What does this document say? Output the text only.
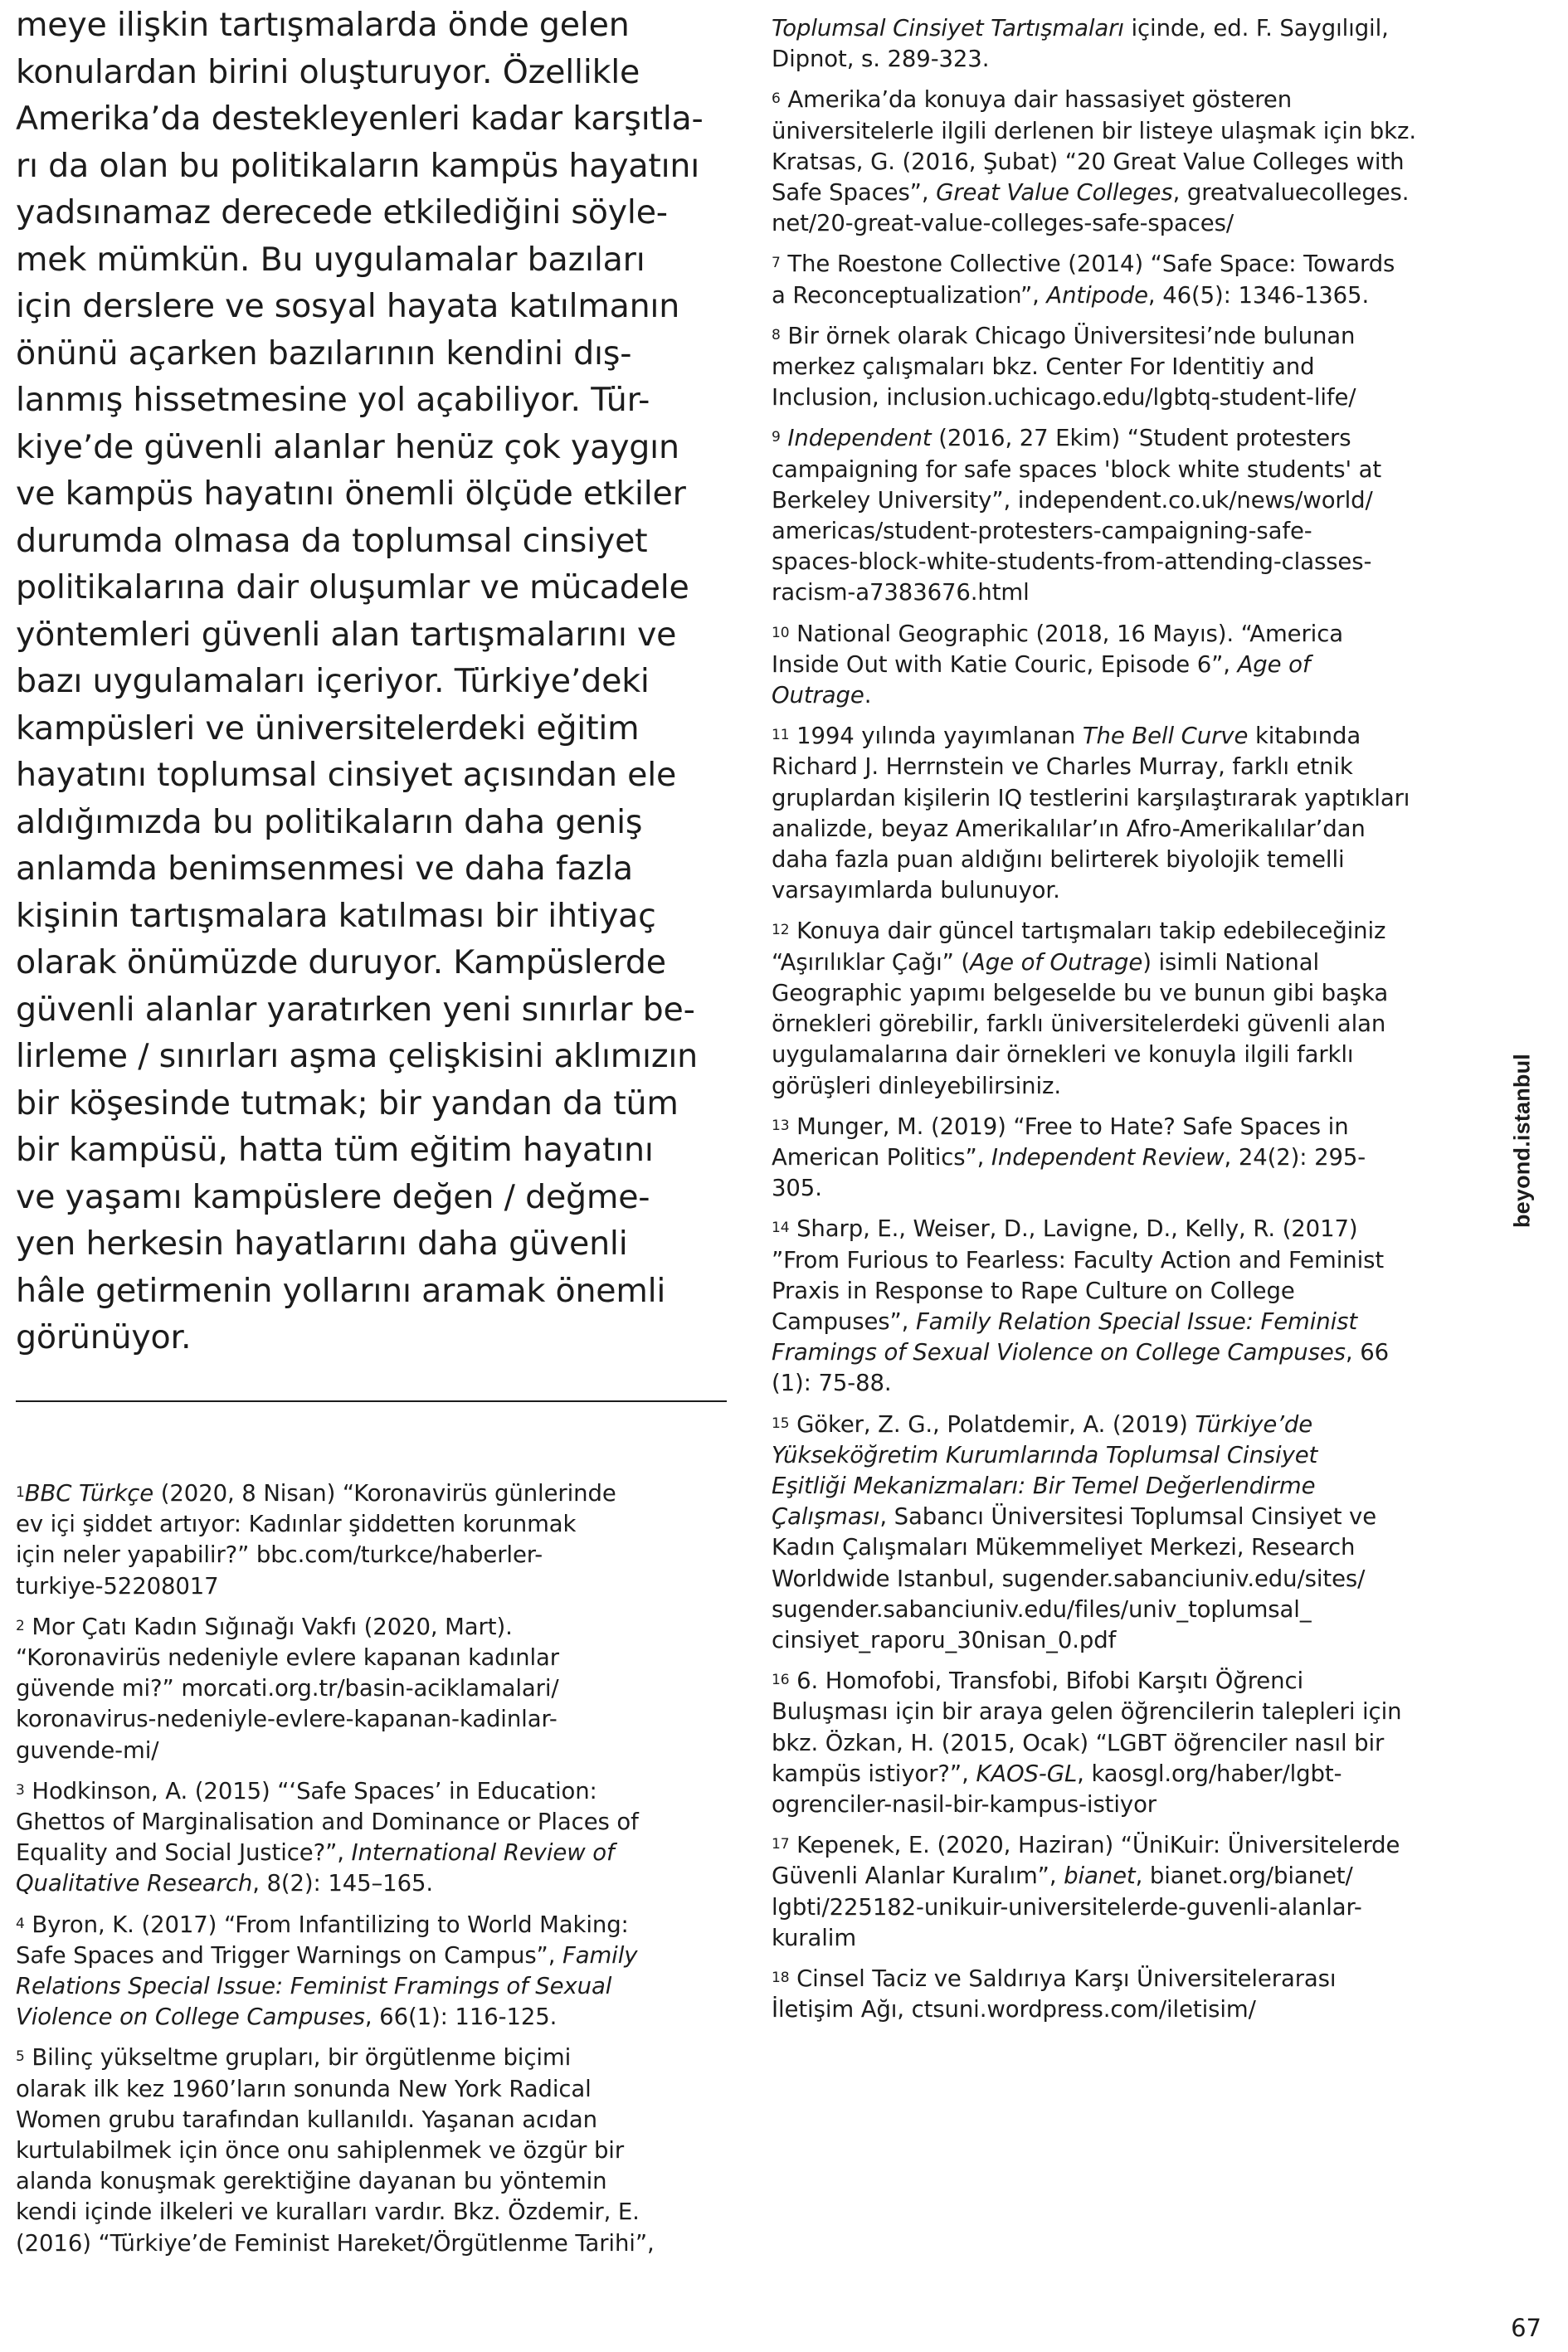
meye ilişkin tartışmalarda önde gelen
konulardan birini oluşturuyor. Özellikle
Amerika’da destekleyenleri kadar karşıtla-
rı da olan bu politikaların kampüs hayatını
yadsınamaz derecede etkilediğini söyle-
mek mümkün. Bu uygulamalar bazıları
için derslere ve sosyal hayata katılmanın
önünü açarken bazılarının kendini dış-
lanmış hissetmesine yol açabiliyor. Tür-
kiye’de güvenli alanlar henüz çok yaygın
ve kampüs hayatını önemli ölçüde etkiler
durumda olmasa da toplumsal cinsiyet
politikalarına dair oluşumlar ve mücadele
yöntemleri güvenli alan tartışmalarını ve
bazı uygulamaları içeriyor. Türkiye’deki
kampüsleri ve üniversitelerdeki eğitim
hayatını toplumsal cinsiyet açısından ele
aldığımızda bu politikaların daha geniş
anlamda benimsenmesi ve daha fazla
kişinin tartışmalara katılması bir ihtiyaç
olarak önümüzde duruyor. Kampüslerde
güvenli alanlar yaratırken yeni sınırlar be-
lirleme / sınırları aşma çelişkisini aklımızın
bir köşesinde tutmak; bir yandan da tüm
bir kampüsü, hatta tüm eğitim hayatını
ve yaşamı kampüslere değen / değme-
yen herkesin hayatlarını daha güvenli
hâle getirmenin yollarını aramak önemli
görünüyor.

$^1$BBC Türkçe (2020, 8 Nisan) “Koronavirüs günlerinde
ev içi şiddet artıyor: Kadınlar şiddetten korunmak
için neler yapabilir?” bbc.com/turkce/haberler-
turkiye-52208017

$^2$ Mor Çatı Kadın Sığınağı Vakfı (2020, Mart).
“Koronavirüs nedeniyle evlere kapanan kadınlar
güvende mi?” morcati.org.tr/basin-aciklamalari/
koronavirus-nedeniyle-evlere-kapanan-kadinlar-
guvende-mi/

$^3$ Hodkinson, A. (2015) “‘Safe Spaces’ in Education:
Ghettos of Marginalisation and Dominance or Places of
Equality and Social Justice?”, International Review of
Qualitative Research, 8(2): 145–165.

$^4$ Byron, K. (2017) “From Infantilizing to World Making:
Safe Spaces and Trigger Warnings on Campus”, Family
Relations Special Issue: Feminist Framings of Sexual
Violence on College Campuses, 66(1): 116-125.

$^5$ Bilinç yükseltme grupları, bir örgütlenme biçimi
olarak ilk kez 1960’ların sonunda New York Radical
Women grubu tarafından kullanıldı. Yaşanan acıdan
kurtulabilmek için önce onu sahiplenmek ve özgür bir
alanda konuşmak gerektiğine dayanan bu yöntemin
kendi içinde ilkeleri ve kuralları vardır. Bkz. Özdemir, E.
(2016) “Türkiye’de Feminist Hareket/Örgütlenme Tarihi”,

Toplumsal Cinsiyet Tartışmaları içinde, ed. F. Saygılıgil,
Dipnot, s. 289-323.

$^6$ Amerika’da konuya dair hassasiyet gösteren
üniversitelerle ilgili derlenen bir listeye ulaşmak için bkz.
Kratsas, G. (2016, Şubat) “20 Great Value Colleges with
Safe Spaces”, Great Value Colleges, greatvaluecolleges.
net/20-great-value-colleges-safe-spaces/

$^7$ The Roestone Collective (2014) “Safe Space: Towards
a Reconceptualization”, Antipode, 46(5): 1346-1365.

$^8$ Bir örnek olarak Chicago Üniversitesi’nde bulunan
merkez çalışmaları bkz. Center For Identitiy and
Inclusion, inclusion.uchicago.edu/lgbtq-student-life/

$^9$ Independent (2016, 27 Ekim) “Student protesters
campaigning for safe spaces 'block white students' at
Berkeley University”, independent.co.uk/news/world/
americas/student-protesters-campaigning-safe-
spaces-block-white-students-from-attending-classes-
racism-a7383676.html

$^{10}$ National Geographic (2018, 16 Mayıs). “America
Inside Out with Katie Couric, Episode 6”, Age of
Outrage.

$^{11}$ 1994 yılında yayımlanan The Bell Curve kitabında
Richard J. Herrnstein ve Charles Murray, farklı etnik
gruplardan kişilerin IQ testlerini karşılaştırarak yaptıkları
analizde, beyaz Amerikalılar’ın Afro-Amerikalılar’dan
daha fazla puan aldığını belirterek biyolojik temelli
varsayımlarda bulunuyor.

$^{12}$ Konuya dair güncel tartışmaları takip edebileceğiniz
“Aşırılıklar Çağı” (Age of Outrage) isimli National
Geographic yapımı belgeselde bu ve bunun gibi başka
örnekleri görebilir, farklı üniversitelerdeki güvenli alan
uygulamalarına dair örnekleri ve konuyla ilgili farklı
görüşleri dinleyebilirsiniz.

$^{13}$ Munger, M. (2019) “Free to Hate? Safe Spaces in
American Politics”, Independent Review, 24(2): 295-
305.

$^{14}$ Sharp, E., Weiser, D., Lavigne, D., Kelly, R. (2017)
”From Furious to Fearless: Faculty Action and Feminist
Praxis in Response to Rape Culture on College
Campuses”, Family Relation Special Issue: Feminist
Framings of Sexual Violence on College Campuses, 66
(1): 75-88.

$^{15}$ Göker, Z. G., Polatdemir, A. (2019) Türkiye’de
Yükseköğretim Kurumlarında Toplumsal Cinsiyet
Eşitliği Mekanizmaları: Bir Temel Değerlendirme
Çalışması, Sabancı Üniversitesi Toplumsal Cinsiyet ve
Kadın Çalışmaları Mükemmeliyet Merkezi, Research
Worldwide Istanbul, sugender.sabanciuniv.edu/sites/
sugender.sabanciuniv.edu/files/univ_toplumsal_
cinsiyet_raporu_30nisan_0.pdf

$^{16}$ 6. Homofobi, Transfobi, Bifobi Karşıtı Öğrenci
Buluşması için bir araya gelen öğrencilerin talepleri için
bkz. Özkan, H. (2015, Ocak) “LGBT öğrenciler nasıl bir
kampüs istiyor?”, KAOS-GL, kaosgl.org/haber/lgbt-
ogrenciler-nasil-bir-kampus-istiyor

$^{17}$ Kepenek, E. (2020, Haziran) “ÜniKuir: Üniversitelerde
Güvenli Alanlar Kuralım”, bianet, bianet.org/bianet/
lgbti/225182-unikuir-universitelerde-guvenli-alanlar-
kuralim

$^{18}$ Cinsel Taciz ve Saldırıya Karşı Üniversitelerarası
İletişim Ağı, ctsuni.wordpress.com/iletisim/

beyond.istanbul
67
